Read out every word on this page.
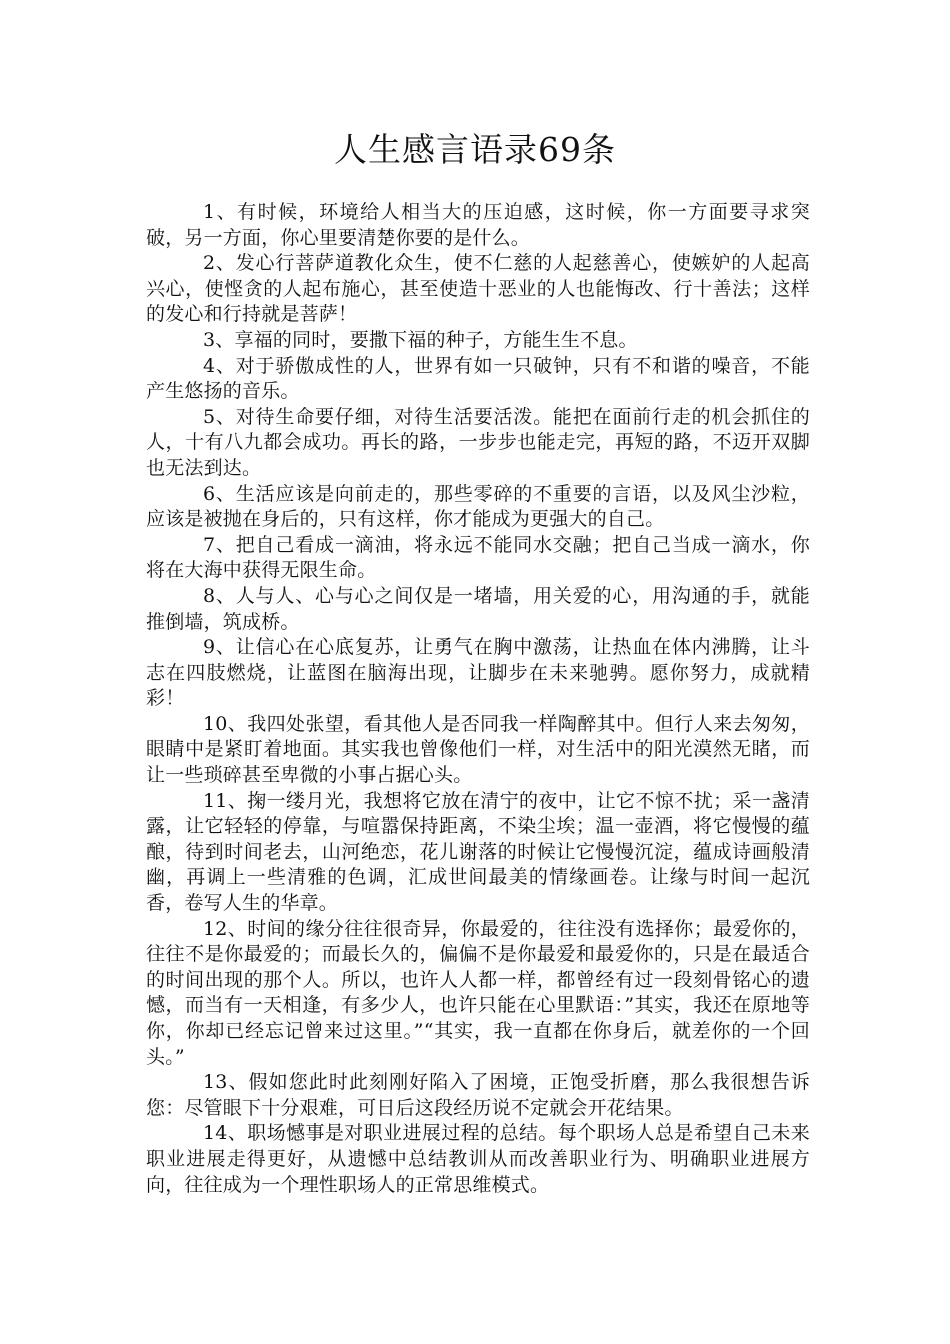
人生感言语录69条

1、有时候，环境给人相当大的压迫感，这时候，你一方面要寻求突破，另一方面，你心里要清楚你要的是什么。

2、发心行菩萨道教化众生，使不仁慈的人起慈善心，使嫉妒的人起高兴心，使悭贪的人起布施心，甚至使造十恶业的人也能悔改、行十善法；这样的发心和行持就是菩萨！

3、享福的同时，要撒下福的种子，方能生生不息。

4、对于骄傲成性的人，世界有如一只破钟，只有不和谐的噪音，不能产生悠扬的音乐。

5、对待生命要仔细，对待生活要活泼。能把在面前行走的机会抓住的人，十有八九都会成功。再长的路，一步步也能走完，再短的路，不迈开双脚也无法到达。

6、生活应该是向前走的，那些零碎的不重要的言语，以及风尘沙粒，应该是被抛在身后的，只有这样，你才能成为更强大的自己。

7、把自己看成一滴油，将永远不能同水交融；把自己当成一滴水，你将在大海中获得无限生命。

8、人与人、心与心之间仅是一堵墙，用关爱的心，用沟通的手，就能推倒墙，筑成桥。

9、让信心在心底复苏，让勇气在胸中激荡，让热血在体内沸腾，让斗志在四肢燃烧，让蓝图在脑海出现，让脚步在未来驰骋。愿你努力，成就精彩！

10、我四处张望，看其他人是否同我一样陶醉其中。但行人来去匆匆，眼睛中是紧盯着地面。其实我也曾像他们一样，对生活中的阳光漠然无睹，而让一些琐碎甚至卑微的小事占据心头。

11、掬一缕月光，我想将它放在清宁的夜中，让它不惊不扰；采一盏清露，让它轻轻的停靠，与喧嚣保持距离，不染尘埃；温一壶酒，将它慢慢的蕴酿，待到时间老去，山河绝恋，花儿谢落的时候让它慢慢沉淀，蕴成诗画般清幽，再调上一些清雅的色调，汇成世间最美的情缘画卷。让缘与时间一起沉香，卷写人生的华章。

12、时间的缘分往往很奇异，你最爱的，往往没有选择你；最爱你的，往往不是你最爱的；而最长久的，偏偏不是你最爱和最爱你的，只是在最适合的时间出现的那个人。所以，也许人人都一样，都曾经有过一段刻骨铭心的遗憾，而当有一天相逢，有多少人，也许只能在心里默语：”其实，我还在原地等你，你却已经忘记曾来过这里。”“其实，我一直都在你身后，就差你的一个回头。”

13、假如您此时此刻刚好陷入了困境，正饱受折磨，那么我很想告诉您：尽管眼下十分艰难，可日后这段经历说不定就会开花结果。

14、职场憾事是对职业进展过程的总结。每个职场人总是希望自己未来职业进展走得更好，从遗憾中总结教训从而改善职业行为、明确职业进展方向，往往成为一个理性职场人的正常思维模式。
